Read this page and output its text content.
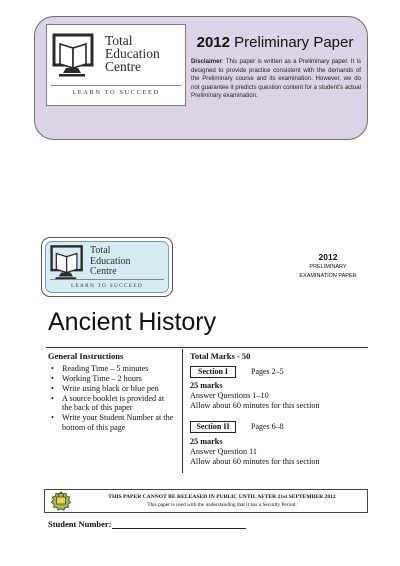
Total
Education
Centre
LEARN TO SUCCEED
2012 Preliminary Paper
Disclaimer: This paper is written as a Preliminary paper. It is designed to provide practice consistent with the demands of the Preliminary course and its examination. However, we do not guarantee it predicts question content for a student's actual Preliminary examination.
Total
Education
Centre
LEARN TO SUCCEED
2012
PRELIMINARY
EXAMINATION PAPER
Ancient History
General Instructions
• Reading Time – 5 minutes
• Working Time – 2 hours
• Write using black or blue pen
• A source booklet is provided at the back of this paper
• Write your Student Number at the bottom of this page
Total Marks - 50
Section I	Pages 2–5
25 marks
Answer Questions 1–10
Allow about 60 minutes for this section
Section II	Pages 6–8
25 marks
Answer Question 11
Allow about 60 minutes for this section
THIS PAPER CANNOT BE RELEASED IN PUBLIC UNTIL AFTER 21st SEPTEMBER 2012
This paper is used with the understanding that it has a Security Period.
Student Number:
